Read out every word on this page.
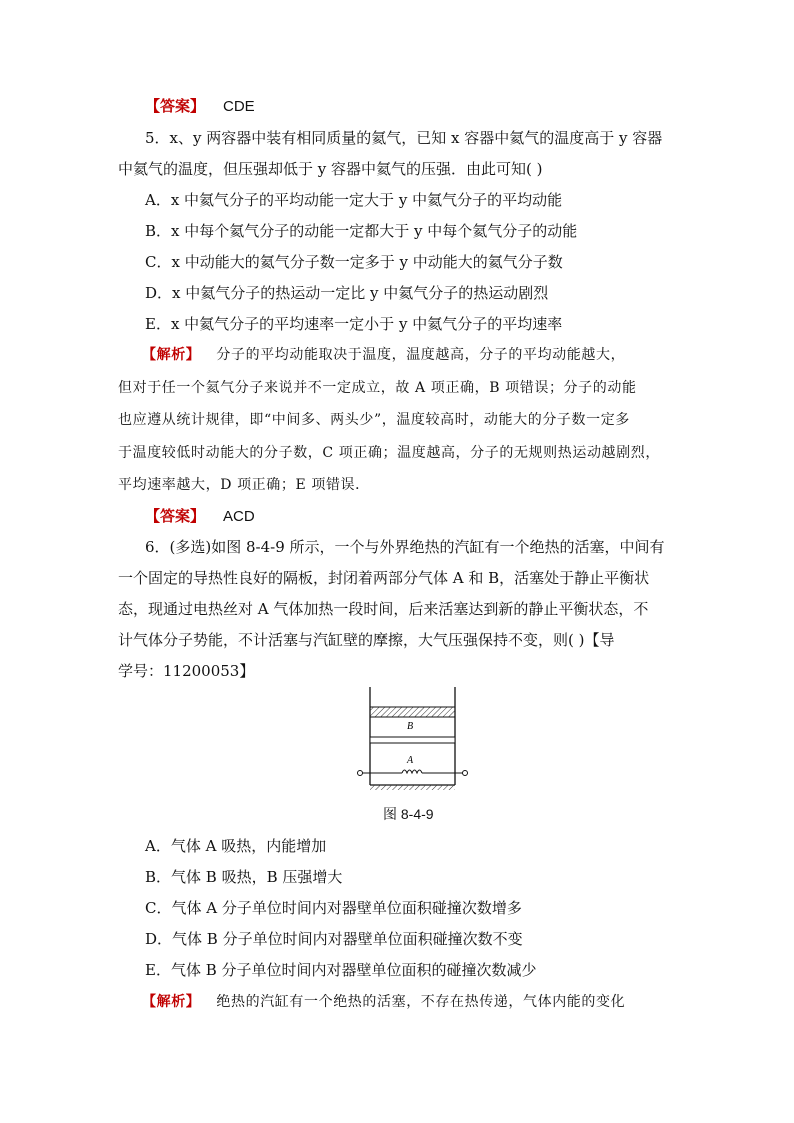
【答案】 CDE
5．x、y 两容器中装有相同质量的氦气，已知 x 容器中氦气的温度高于 y 容器
中氦气的温度，但压强却低于 y 容器中氦气的压强．由此可知( )
A．x 中氦气分子的平均动能一定大于 y 中氦气分子的平均动能
B．x 中每个氦气分子的动能一定都大于 y 中每个氦气分子的动能
C．x 中动能大的氦气分子数一定多于 y 中动能大的氦气分子数
D．x 中氦气分子的热运动一定比 y 中氦气分子的热运动剧烈
E．x 中氦气分子的平均速率一定小于 y 中氦气分子的平均速率
【解析】 分子的平均动能取决于温度，温度越高，分子的平均动能越大，
但对于任一个氦气分子来说并不一定成立，故 A 项正确，B 项错误；分子的动能
也应遵从统计规律，即“中间多、两头少”，温度较高时，动能大的分子数一定多
于温度较低时动能大的分子数，C 项正确；温度越高，分子的无规则热运动越剧烈，
平均速率越大，D 项正确；E 项错误．
【答案】 ACD
6．(多选)如图 8-4-9 所示，一个与外界绝热的汽缸有一个绝热的活塞，中间有
一个固定的导热性良好的隔板，封闭着两部分气体 A 和 B，活塞处于静止平衡状
态，现通过电热丝对 A 气体加热一段时间，后来活塞达到新的静止平衡状态，不
计气体分子势能，不计活塞与汽缸壁的摩擦，大气压强保持不变，则( )【导
学号：11200053】
B
A
图 8-4-9
A．气体 A 吸热，内能增加
B．气体 B 吸热，B 压强增大
C．气体 A 分子单位时间内对器壁单位面积碰撞次数增多
D．气体 B 分子单位时间内对器壁单位面积碰撞次数不变
E．气体 B 分子单位时间内对器壁单位面积的碰撞次数减少
【解析】 绝热的汽缸有一个绝热的活塞，不存在热传递，气体内能的变化
